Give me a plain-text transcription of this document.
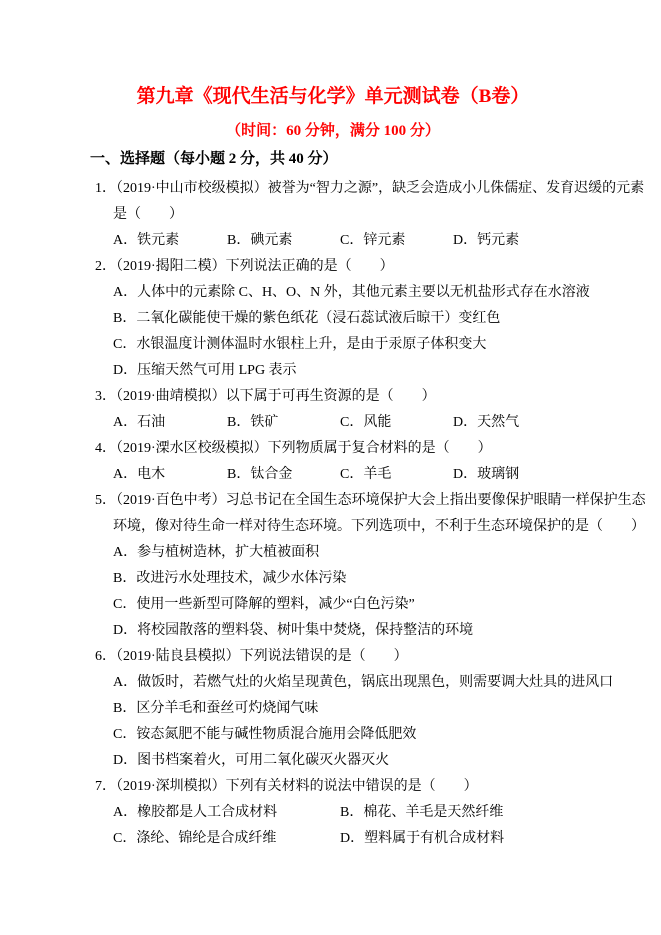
第九章《现代生活与化学》单元测试卷（B卷）
（时间：60 分钟，满分 100 分）
一、选择题（每小题 2 分，共 40 分）
1．（2019·中山市校级模拟）被誉为“智力之源”，缺乏会造成小儿侏儒症、发育迟缓的元素
是（　　）
A．铁元素	B．碘元素	C．锌元素	D．钙元素
2．（2019·揭阳二模）下列说法正确的是（　　）
A．人体中的元素除 C、H、O、N 外，其他元素主要以无机盐形式存在水溶液
B．二氧化碳能使干燥的紫色纸花（浸石蕊试液后晾干）变红色
C．水银温度计测体温时水银柱上升，是由于汞原子体积变大
D．压缩天然气可用 LPG 表示
3．（2019·曲靖模拟）以下属于可再生资源的是（　　）
A．石油	B．铁矿	C．风能	D．天然气
4．（2019·溧水区校级模拟）下列物质属于复合材料的是（　　）
A．电木	B．钛合金	C．羊毛	D．玻璃钢
5．（2019·百色中考）习总书记在全国生态环境保护大会上指出要像保护眼睛一样保护生态
环境，像对待生命一样对待生态环境。下列选项中，不利于生态环境保护的是（　　）
A．参与植树造林，扩大植被面积
B．改进污水处理技术，减少水体污染
C．使用一些新型可降解的塑料，减少“白色污染”
D．将校园散落的塑料袋、树叶集中焚烧，保持整洁的环境
6．（2019·陆良县模拟）下列说法错误的是（　　）
A．做饭时，若燃气灶的火焰呈现黄色，锅底出现黑色，则需要调大灶具的进风口
B．区分羊毛和蚕丝可灼烧闻气味
C．铵态氮肥不能与碱性物质混合施用会降低肥效
D．图书档案着火，可用二氧化碳灭火器灭火
7．（2019·深圳模拟）下列有关材料的说法中错误的是（　　）
A．橡胶都是人工合成材料	B．棉花、羊毛是天然纤维
C．涤纶、锦纶是合成纤维	D．塑料属于有机合成材料
